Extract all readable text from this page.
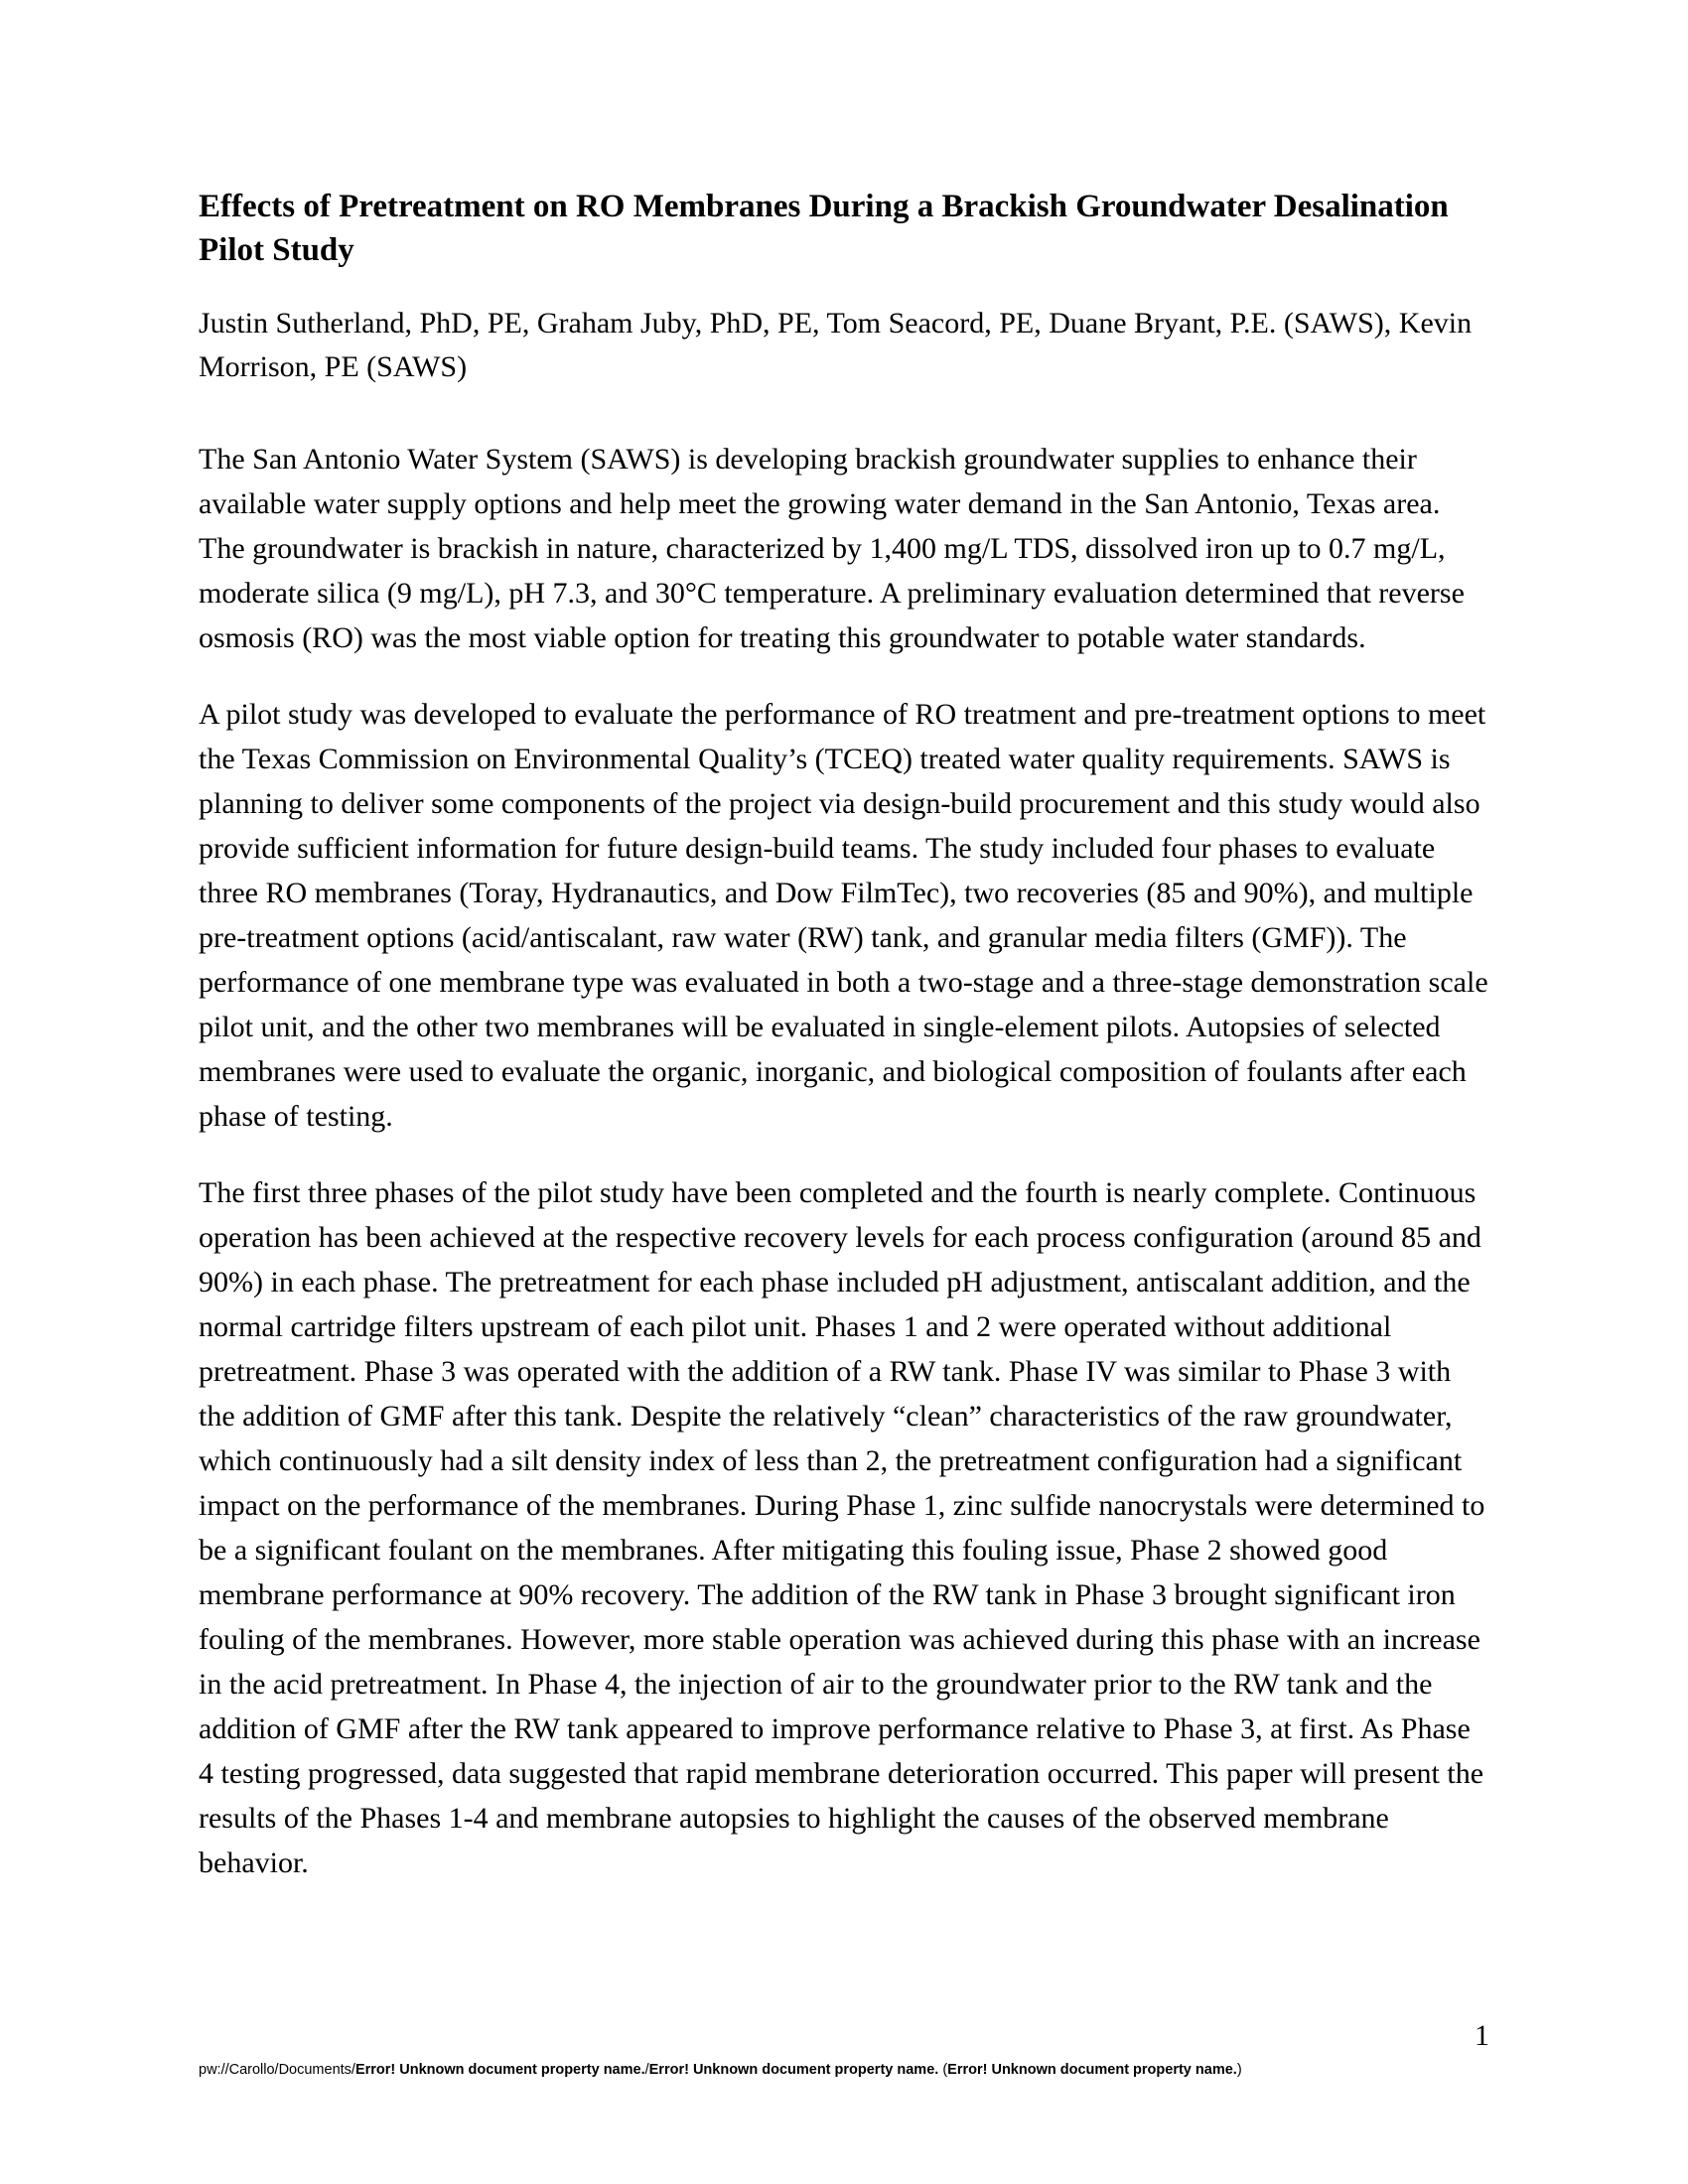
Effects of Pretreatment on RO Membranes During a Brackish Groundwater Desalination Pilot Study

Justin Sutherland, PhD, PE, Graham Juby, PhD, PE, Tom Seacord, PE, Duane Bryant, P.E. (SAWS), Kevin Morrison, PE (SAWS)

The San Antonio Water System (SAWS) is developing brackish groundwater supplies to enhance their available water supply options and help meet the growing water demand in the San Antonio, Texas area. The groundwater is brackish in nature, characterized by 1,400 mg/L TDS, dissolved iron up to 0.7 mg/L, moderate silica (9 mg/L), pH 7.3, and 30°C temperature. A preliminary evaluation determined that reverse osmosis (RO) was the most viable option for treating this groundwater to potable water standards.

A pilot study was developed to evaluate the performance of RO treatment and pre-treatment options to meet the Texas Commission on Environmental Quality’s (TCEQ) treated water quality requirements. SAWS is planning to deliver some components of the project via design-build procurement and this study would also provide sufficient information for future design-build teams. The study included four phases to evaluate three RO membranes (Toray, Hydranautics, and Dow FilmTec), two recoveries (85 and 90%), and multiple pre-treatment options (acid/antiscalant, raw water (RW) tank, and granular media filters (GMF)). The performance of one membrane type was evaluated in both a two-stage and a three-stage demonstration scale pilot unit, and the other two membranes will be evaluated in single-element pilots. Autopsies of selected membranes were used to evaluate the organic, inorganic, and biological composition of foulants after each phase of testing.

The first three phases of the pilot study have been completed and the fourth is nearly complete. Continuous operation has been achieved at the respective recovery levels for each process configuration (around 85 and 90%) in each phase. The pretreatment for each phase included pH adjustment, antiscalant addition, and the normal cartridge filters upstream of each pilot unit. Phases 1 and 2 were operated without additional pretreatment. Phase 3 was operated with the addition of a RW tank. Phase IV was similar to Phase 3 with the addition of GMF after this tank. Despite the relatively “clean” characteristics of the raw groundwater, which continuously had a silt density index of less than 2, the pretreatment configuration had a significant impact on the performance of the membranes. During Phase 1, zinc sulfide nanocrystals were determined to be a significant foulant on the membranes. After mitigating this fouling issue, Phase 2 showed good membrane performance at 90% recovery. The addition of the RW tank in Phase 3 brought significant iron fouling of the membranes. However, more stable operation was achieved during this phase with an increase in the acid pretreatment. In Phase 4, the injection of air to the groundwater prior to the RW tank and the addition of GMF after the RW tank appeared to improve performance relative to Phase 3, at first. As Phase 4 testing progressed, data suggested that rapid membrane deterioration occurred. This paper will present the results of the Phases 1-4 and membrane autopsies to highlight the causes of the observed membrane behavior.

1
pw://Carollo/Documents/Error! Unknown document property name./Error! Unknown document property name. (Error! Unknown document property name.)
